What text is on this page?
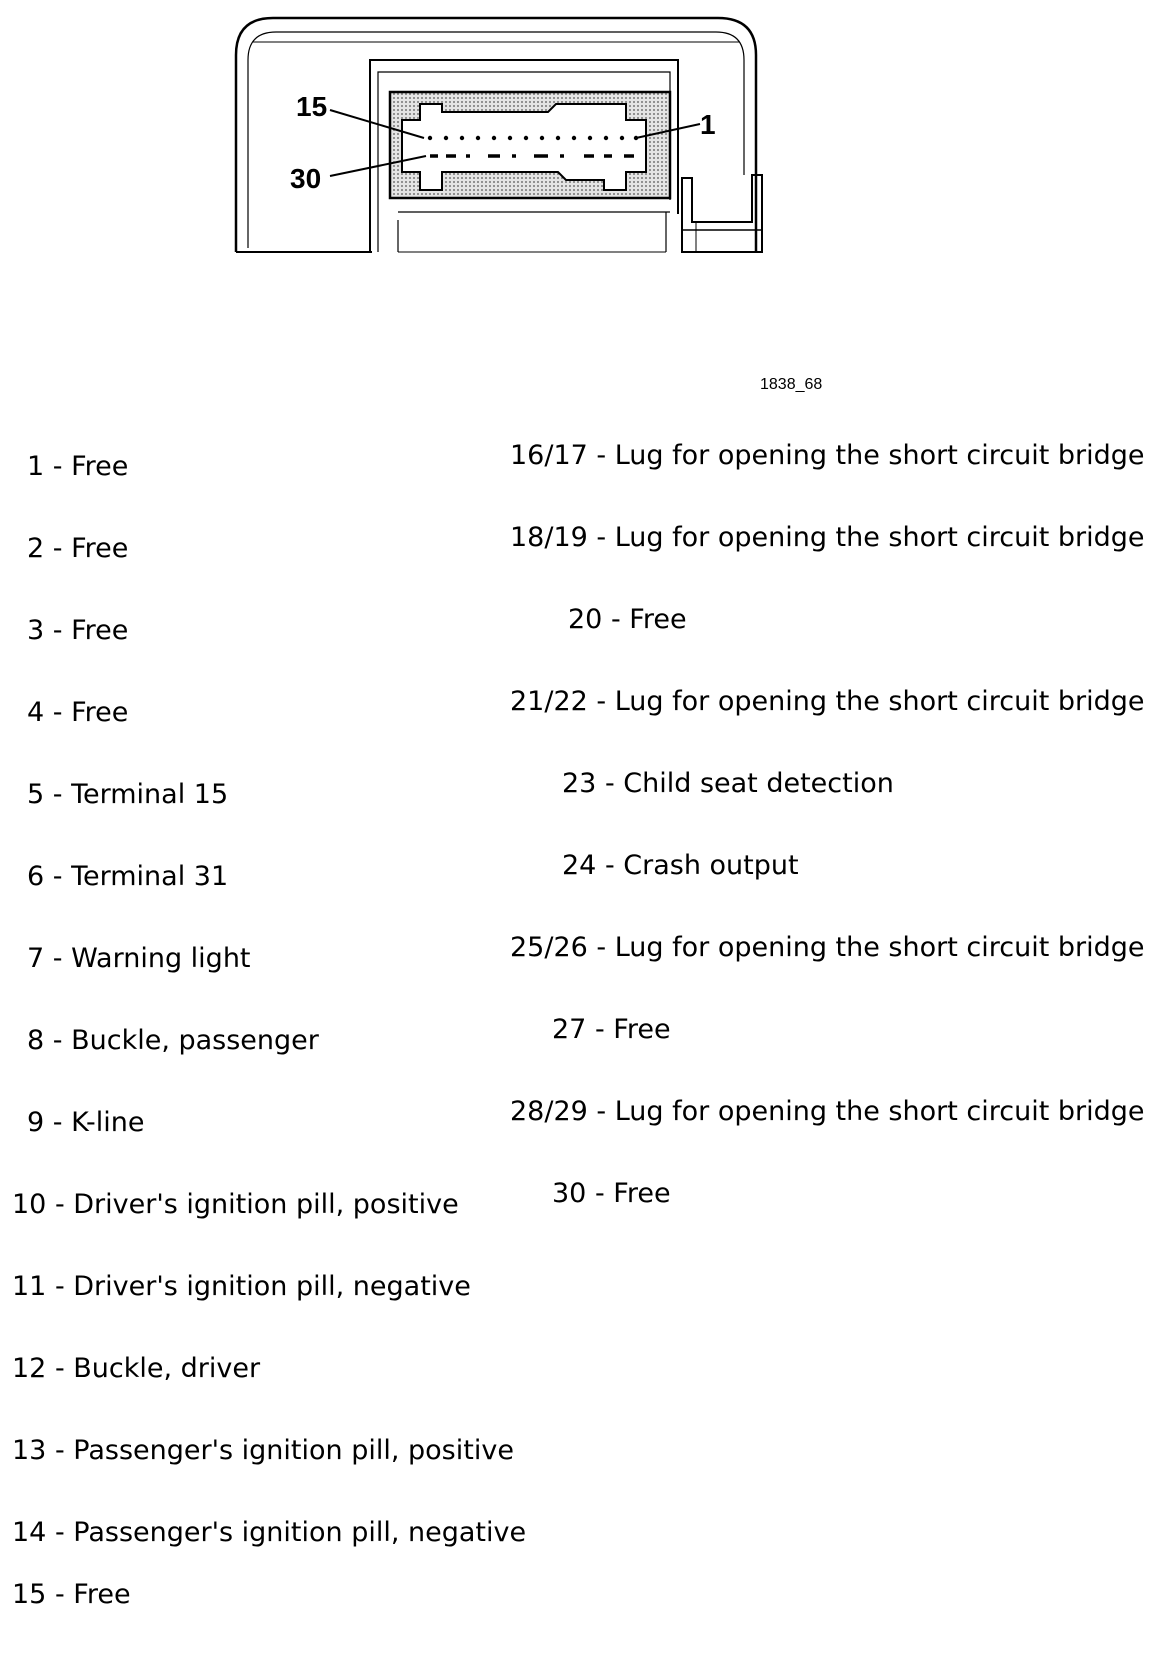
15
30
1
1838_68

1 - Free

2 - Free

3 - Free

4 - Free

5 - Terminal 15

6 - Terminal 31

7 - Warning light

8 - Buckle, passenger

9 - K-line

10 - Driver's ignition pill, positive

11 - Driver's ignition pill, negative

12 - Buckle, driver

13 - Passenger's ignition pill, positive

14 - Passenger's ignition pill, negative

15 - Free

16/17 - Lug for opening the short circuit bridge

18/19 - Lug for opening the short circuit bridge

20 - Free

21/22 - Lug for opening the short circuit bridge

23 - Child seat detection

24 - Crash output

25/26 - Lug for opening the short circuit bridge

27 - Free

28/29 - Lug for opening the short circuit bridge

30 - Free
